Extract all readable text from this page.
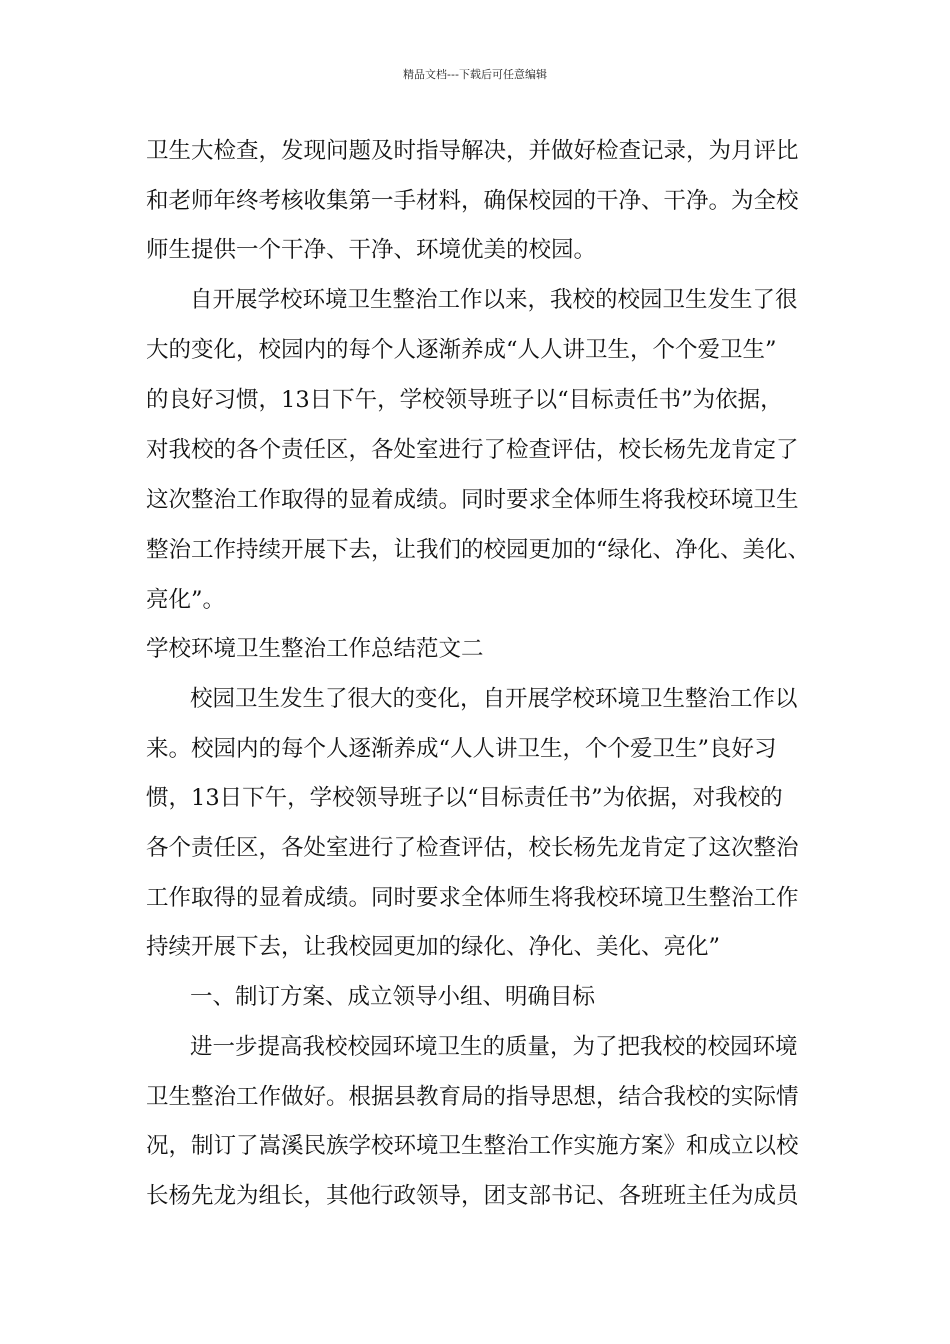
精品文档---下载后可任意编辑
卫生大检查，发现问题及时指导解决，并做好检查记录，为月评比
和老师年终考核收集第一手材料，确保校园的干净、干净。为全校
师生提供一个干净、干净、环境优美的校园。
自开展学校环境卫生整治工作以来，我校的校园卫生发生了很
大的变化，校园内的每个人逐渐养成“人人讲卫生，个个爱卫生”
的良好习惯，13日下午，学校领导班子以“目标责任书”为依据，
对我校的各个责任区，各处室进行了检查评估，校长杨先龙肯定了
这次整治工作取得的显着成绩。同时要求全体师生将我校环境卫生
整治工作持续开展下去，让我们的校园更加的“绿化、净化、美化、
亮化”。
学校环境卫生整治工作总结范文二
校园卫生发生了很大的变化，自开展学校环境卫生整治工作以
来。校园内的每个人逐渐养成“人人讲卫生，个个爱卫生”良好习
惯，13日下午，学校领导班子以“目标责任书”为依据，对我校的
各个责任区，各处室进行了检查评估，校长杨先龙肯定了这次整治
工作取得的显着成绩。同时要求全体师生将我校环境卫生整治工作
持续开展下去，让我校园更加的绿化、净化、美化、亮化”
一、制订方案、成立领导小组、明确目标
进一步提高我校校园环境卫生的质量，为了把我校的校园环境
卫生整治工作做好。根据县教育局的指导思想，结合我校的实际情
况，制订了嵩溪民族学校环境卫生整治工作实施方案》和成立以校
长杨先龙为组长，其他行政领导，团支部书记、各班班主任为成员
